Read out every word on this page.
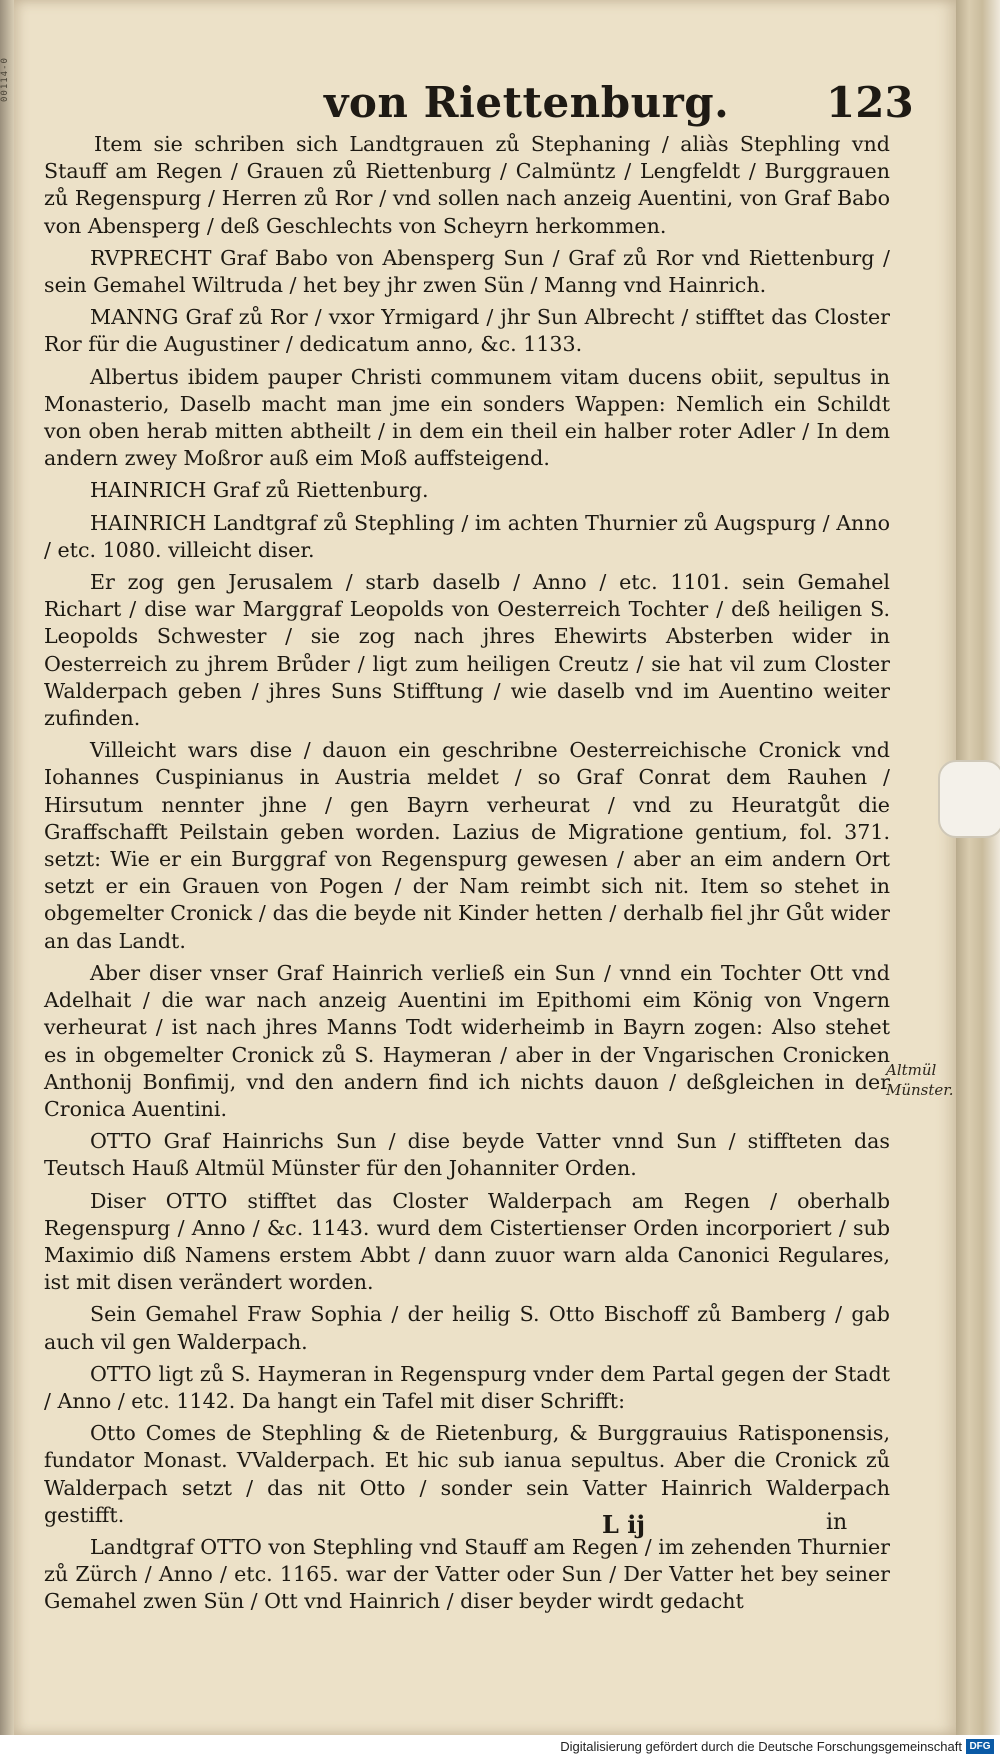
00114-0	von Riettenburg. 123

Item sie schriben sich Landtgrauen zů Stephaning / aliàs Stephling vnd Stauff am Regen / Grauen zů Riettenburg / Calmüntz / Lengfeldt / Burggrauen zů Regenspurg / Herren zů Ror / vnd sollen nach anzeig Auentini, von Graf Babo von Abensperg / deß Geschlechts von Scheyrn herkommen.

RVPRECHT Graf Babo von Abensperg Sun / Graf zů Ror vnd Riettenburg / sein Gemahel Wiltruda / het bey jhr zwen Sün / Manng vnd Hainrich.

MANNG Graf zů Ror / vxor Yrmigard / jhr Sun Albrecht / stifftet das Closter Ror für die Augustiner / dedicatum anno, &c. 1133.

Albertus ibidem pauper Christi communem vitam ducens obiit, sepultus in Monasterio, Daselb macht man jme ein sonders Wappen: Nemlich ein Schildt von oben herab mitten abtheilt / in dem ein theil ein halber roter Adler / In dem andern zwey Moßror auß eim Moß auffsteigend.

HAINRICH Graf zů Riettenburg.

HAINRICH Landtgraf zů Stephling / im achten Thurnier zů Augspurg / Anno / etc. 1080. villeicht diser.

Er zog gen Jerusalem / starb daselb / Anno / etc. 1101. sein Gemahel Richart / dise war Marggraf Leopolds von Oesterreich Tochter / deß heiligen S. Leopolds Schwester / sie zog nach jhres Ehewirts Absterben wider in Oesterreich zu jhrem Brůder / ligt zum heiligen Creutz / sie hat vil zum Closter Walderpach geben / jhres Suns Stifftung / wie daselb vnd im Auentino weiter zufinden.

Villeicht wars dise / dauon ein geschribne Oesterreichische Cronick vnd Iohannes Cuspinianus in Austria meldet / so Graf Conrat dem Rauhen / Hirsutum nennter jhne / gen Bayrn verheurat / vnd zu Heuratgůt die Graffschafft Peilstain geben worden. Lazius de Migratione gentium, fol. 371. setzt: Wie er ein Burggraf von Regenspurg gewesen / aber an eim andern Ort setzt er ein Grauen von Pogen / der Nam reimbt sich nit. Item so stehet in obgemelter Cronick / das die beyde nit Kinder hetten / derhalb fiel jhr Gůt wider an das Landt.

Aber diser vnser Graf Hainrich verließ ein Sun / vnnd ein Tochter Ott vnd Adelhait / die war nach anzeig Auentini im Epithomi eim König von Vngern verheurat / ist nach jhres Manns Todt widerheimb in Bayrn zogen: Also stehet es in obgemelter Cronick zů S. Haymeran / aber in der Vngarischen Cronicken Anthonij Bonfimij, vnd den andern find ich nichts dauon / deßgleichen in der Cronica Auentini.

OTTO Graf Hainrichs Sun / dise beyde Vatter vnnd Sun / stiffteten das Teutsch Hauß Altmül Münster für den Johanniter Orden.

Diser OTTO stifftet das Closter Walderpach am Regen / oberhalb Regenspurg / Anno / &c. 1143. wurd dem Cistertienser Orden incorporiert / sub Maximio diß Namens erstem Abbt / dann zuuor warn alda Canonici Regulares, ist mit disen verändert worden.

Sein Gemahel Fraw Sophia / der heilig S. Otto Bischoff zů Bamberg / gab auch vil gen Walderpach.

OTTO ligt zů S. Haymeran in Regenspurg vnder dem Partal gegen der Stadt / Anno / etc. 1142. Da hangt ein Tafel mit diser Schrifft:

Otto Comes de Stephling & de Rietenburg, & Burggrauius Ratisponensis, fundator Monast. VValderpach. Et hic sub ianua sepultus. Aber die Cronick zů Walderpach setzt / das nit Otto / sonder sein Vatter Hainrich Walderpach gestifft.

Landtgraf OTTO von Stephling vnd Stauff am Regen / im zehenden Thurnier zů Zürch / Anno / etc. 1165. war der Vatter oder Sun / Der Vatter het bey seiner Gemahel zwen Sün / Ott vnd Hainrich / diser beyder wirdt gedacht

Altmül Münster.
L ij	in
Digitalisierung gefördert durch die Deutsche Forschungsgemeinschaft DFG
